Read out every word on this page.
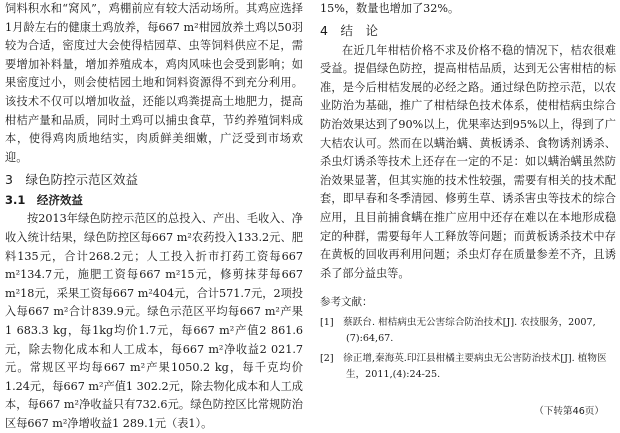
饲料积水和“窝风”，鸡棚前应有较大活动场所。其鸡应选择1月龄左右的健康土鸡放养，每667 m²柑园放养土鸡以50羽较为合适，密度过大会使得桔园草、虫等饲料供应不足，需要增加补料量，增加养殖成本，鸡肉风味也会受到影响；如果密度过小，则会使桔园土地和饲料资源得不到充分利用。该技术不仅可以增加收益，还能以鸡粪提高土地肥力，提高柑桔产量和品质，同时土鸡可以捕虫食草，节约养殖饲料成本，使得鸡肉质地结实，肉质鲜美细嫩，广泛受到市场欢迎。

3　绿色防控示范区效益
3.1　经济效益

按2013年绿色防控示范区的总投入、产出、毛收入、净收入统计结果，绿色防控区每667 m²农药投入133.2元、肥料135元，合计268.2元；人工投入折市打药工资每667 m²134.7元，施肥工资每667 m²15元，修剪抹芽每667 m²18元，采果工资每667 m²404元，合计571.7元，2项投入每667 m²合计839.9元。绿色示范区平均每667 m²产果1 683.3 kg，每1kg均价1.7元，每667 m²产值2 861.6元，除去物化成本和人工成本，每667 m²净收益2 021.7元。常规区平均每667 m²产果1050.2 kg，每千克均价1.24元，每667 m²产值1 302.2元，除去物化成本和人工成本，每667 m²净收益只有732.6元。绿色防控区比常规防治区每667 m²净增收益1 289.1元（表1）。

15%，数量也增加了32%。

4　结　论

在近几年柑桔价格不求及价格不稳的情况下，桔农很难受益。提倡绿色防控，提高柑桔品质，达到无公害柑桔的标准，是今后柑桔发展的必经之路。通过绿色防控示范，以农业防治为基础，推广了柑桔绿色技术体系，使柑桔病虫综合防治效果达到了90%以上，优果率达到95%以上，得到了广大桔农认可。然而在以螨治螨、黄板诱杀、食物诱剂诱杀、杀虫灯诱杀等技术上还存在一定的不足：如以螨治螨虽然防治效果显著，但其实施的技术性较强，需要有相关的技术配套，即早春和冬季清园、修剪生草、诱杀害虫等技术的综合应用，且目前捕食螨在推广应用中还存在难以在本地形成稳定的种群，需要每年人工释放等问题；而黄板诱杀技术中存在黄板的回收再利用问题；杀虫灯存在质量参差不齐，且诱杀了部分益虫等。

参考文献：

[1]　蔡跃台. 柑桔病虫无公害综合防治技术[J]. 农技服务，2007,(7):64,67.

[2]　徐正增,秦海英.印江县柑橘主要病虫无公害防治技术[J]. 植物医生，2011,(4):24-25.

（下转第46页）
